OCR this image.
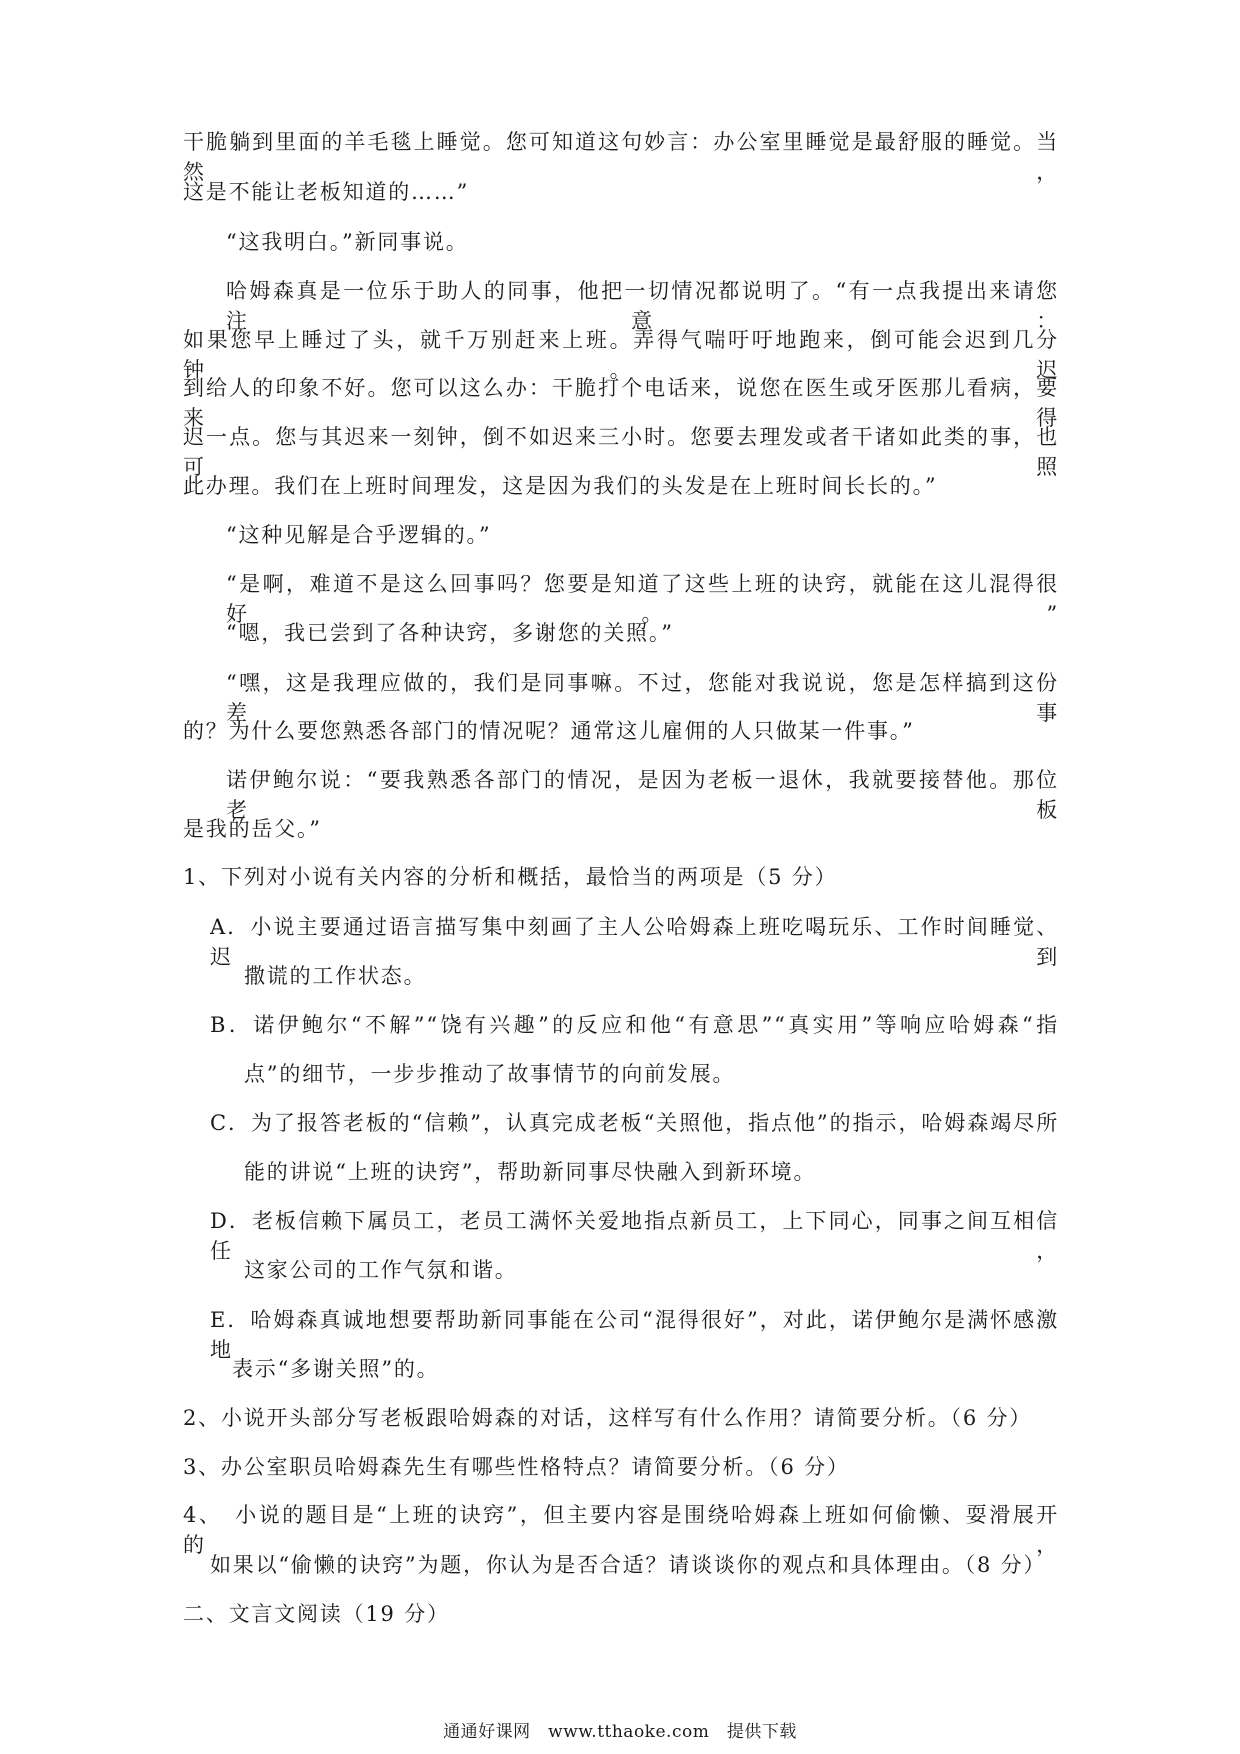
干脆躺到里面的羊毛毯上睡觉。您可知道这句妙言：办公室里睡觉是最舒服的睡觉。当然，
这是不能让老板知道的……”
“这我明白。”新同事说。
哈姆森真是一位乐于助人的同事，他把一切情况都说明了。“有一点我提出来请您注意：
如果您早上睡过了头，就千万别赶来上班。弄得气喘吁吁地跑来，倒可能会迟到几分钟。迟
到给人的印象不好。您可以这么办：干脆打个电话来，说您在医生或牙医那儿看病，要来得
迟一点。您与其迟来一刻钟，倒不如迟来三小时。您要去理发或者干诸如此类的事，也可照
此办理。我们在上班时间理发，这是因为我们的头发是在上班时间长长的。”
“这种见解是合乎逻辑的。”
“是啊，难道不是这么回事吗？您要是知道了这些上班的诀窍，就能在这儿混得很好。”
“嗯，我已尝到了各种诀窍，多谢您的关照。”
“嘿，这是我理应做的，我们是同事嘛。不过，您能对我说说，您是怎样搞到这份差事
的？为什么要您熟悉各部门的情况呢？通常这儿雇佣的人只做某一件事。”
诺伊鲍尔说：“要我熟悉各部门的情况，是因为老板一退休，我就要接替他。那位老板
是我的岳父。”
1、下列对小说有关内容的分析和概括，最恰当的两项是（5 分）
A．小说主要通过语言描写集中刻画了主人公哈姆森上班吃喝玩乐、工作时间睡觉、迟到
撒谎的工作状态。
B．诺伊鲍尔“不解”“饶有兴趣”的反应和他“有意思”“真实用”等响应哈姆森“指
点”的细节，一步步推动了故事情节的向前发展。
C．为了报答老板的“信赖”，认真完成老板“关照他，指点他”的指示，哈姆森竭尽所
能的讲说“上班的诀窍”，帮助新同事尽快融入到新环境。
D．老板信赖下属员工，老员工满怀关爱地指点新员工，上下同心，同事之间互相信任，
这家公司的工作气氛和谐。
E．哈姆森真诚地想要帮助新同事能在公司“混得很好”，对此，诺伊鲍尔是满怀感激地
表示“多谢关照”的。
2、小说开头部分写老板跟哈姆森的对话，这样写有什么作用？请简要分析。（6 分）
3、办公室职员哈姆森先生有哪些性格特点？请简要分析。（6 分）
4、　小说的题目是“上班的诀窍”，但主要内容是围绕哈姆森上班如何偷懒、耍滑展开的，
如果以“偷懒的诀窍”为题，你认为是否合适？请谈谈你的观点和具体理由。（8 分）
二、文言文阅读（19 分）
通通好课网　www.tthaoke.com　提供下载
